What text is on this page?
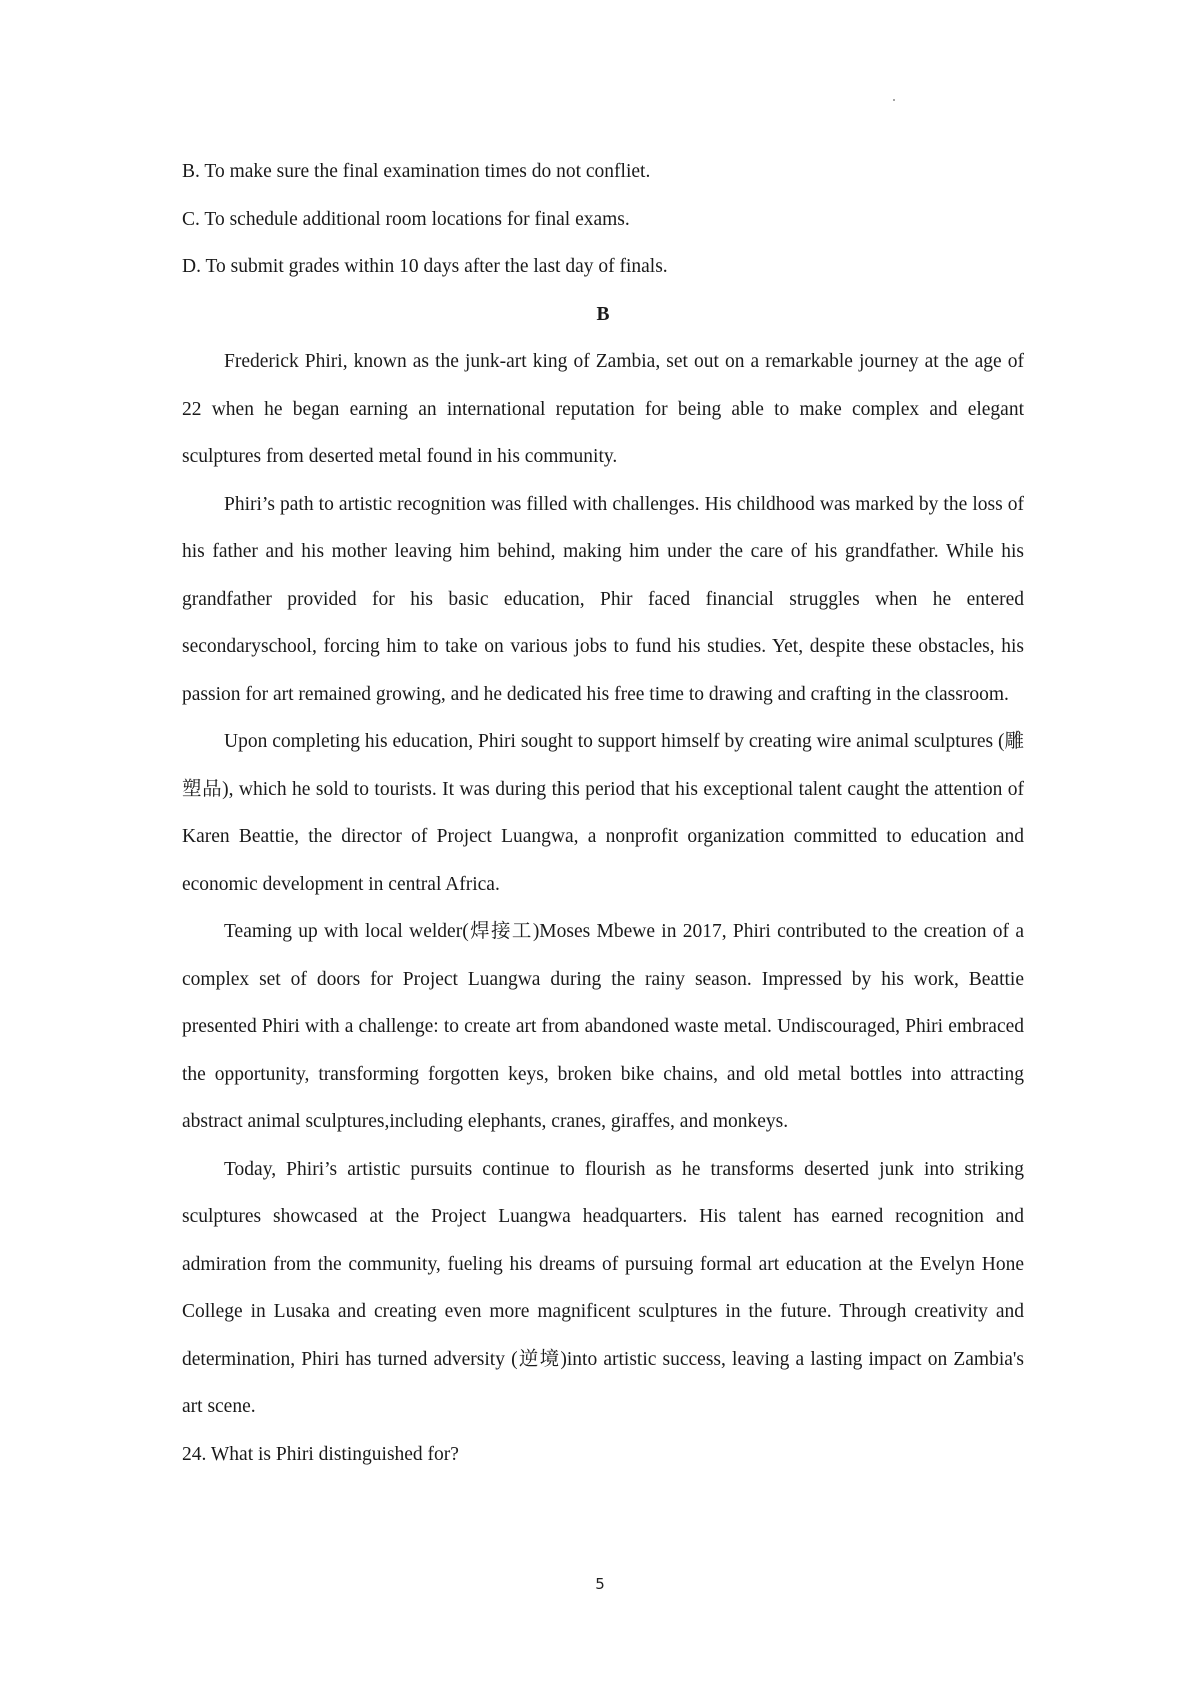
B. To make sure the final examination times do not confliet.

C. To schedule additional room locations for final exams.

D. To submit grades within 10 days after the last day of finals.

B

Frederick Phiri, known as the junk-art king of Zambia, set out on a remarkable journey at the age of 22 when he began earning an international reputation for being able to make complex and elegant sculptures from deserted metal found in his community.

Phiri’s path to artistic recognition was filled with challenges. His childhood was marked by the loss of his father and his mother leaving him behind, making him under the care of his grandfather. While his grandfather provided for his basic education, Phir faced financial struggles when he entered secondaryschool, forcing him to take on various jobs to fund his studies. Yet, despite these obstacles, his passion for art remained growing, and he dedicated his free time to drawing and crafting in the classroom.

Upon completing his education, Phiri sought to support himself by creating wire animal sculptures (雕塑品), which he sold to tourists. It was during this period that his exceptional talent caught the attention of Karen Beattie, the director of Project Luangwa, a nonprofit organization committed to education and economic development in central Africa.

Teaming up with local welder(焊接工)Moses Mbewe in 2017, Phiri contributed to the creation of a complex set of doors for Project Luangwa during the rainy season. Impressed by his work, Beattie presented Phiri with a challenge: to create art from abandoned waste metal. Undiscouraged, Phiri embraced the opportunity, transforming forgotten keys, broken bike chains, and old metal bottles into attracting abstract animal sculptures,including elephants, cranes, giraffes, and monkeys.

Today, Phiri’s artistic pursuits continue to flourish as he transforms deserted junk into striking sculptures showcased at the Project Luangwa headquarters. His talent has earned recognition and admiration from the community, fueling his dreams of pursuing formal art education at the Evelyn Hone College in Lusaka and creating even more magnificent sculptures in the future. Through creativity and determination, Phiri has turned adversity (逆境)into artistic success, leaving a lasting impact on Zambia's art scene.

24. What is Phiri distinguished for?

5
